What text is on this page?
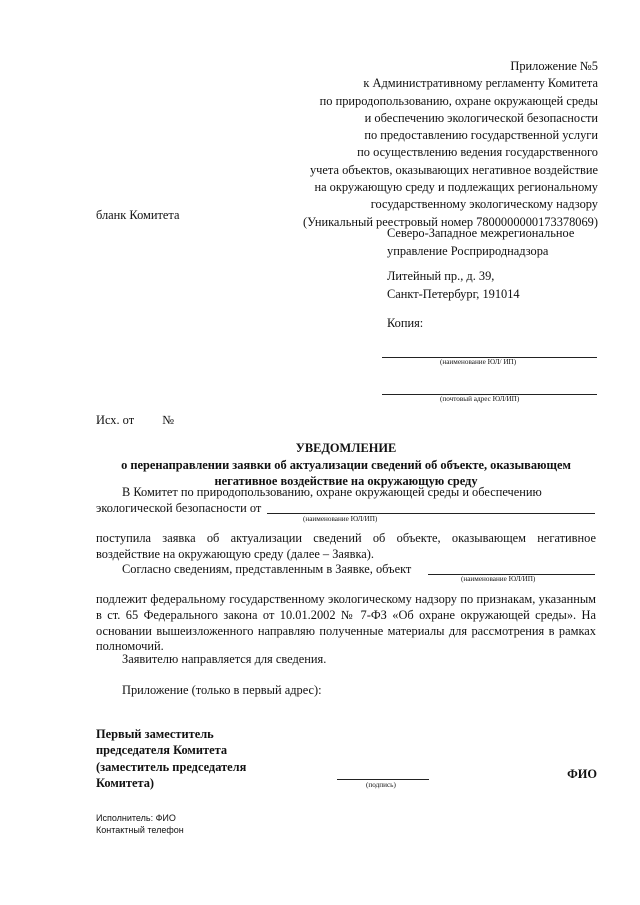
Приложение №5
к Административному регламенту Комитета
по природопользованию, охране окружающей среды
и обеспечению экологической безопасности
по предоставлению государственной услуги
по осуществлению ведения государственного
учета объектов, оказывающих негативное воздействие
на окружающую среду и подлежащих региональному
государственному экологическому надзору
(Уникальный реестровый номер 7800000000173378069)
бланк Комитета
Северо-Западное межрегиональное
управление Росприроднадзора
Литейный пр., д. 39,
Санкт-Петербург, 191014
Копия:
(наименование ЮЛ/ ИП)
(почтовый адрес ЮЛ/ИП)
Исх. от №
УВЕДОМЛЕНИЕ
о перенаправлении заявки об актуализации сведений об объекте, оказывающем
негативное воздействие на окружающую среду
В Комитет по природопользованию, охране окружающей среды и обеспечению
экологической безопасности от
(наименование ЮЛ/ИП)
поступила заявка об актуализации сведений об объекте, оказывающем негативное воздействие на окружающую среду (далее – Заявка).
Согласно сведениям, представленным в Заявке, объект
(наименование ЮЛ/ИП)
подлежит федеральному государственному экологическому надзору по признакам, указанным в ст. 65 Федерального закона от 10.01.2002 № 7-ФЗ «Об охране окружающей среды». На основании вышеизложенного направляю полученные материалы для рассмотрения в рамках полномочий.
Заявителю направляется для сведения.
Приложение (только в первый адрес):
Первый заместитель
председателя Комитета
(заместитель председателя
Комитета)	(подпись)
ФИО
Исполнитель: ФИО
Контактный телефон
